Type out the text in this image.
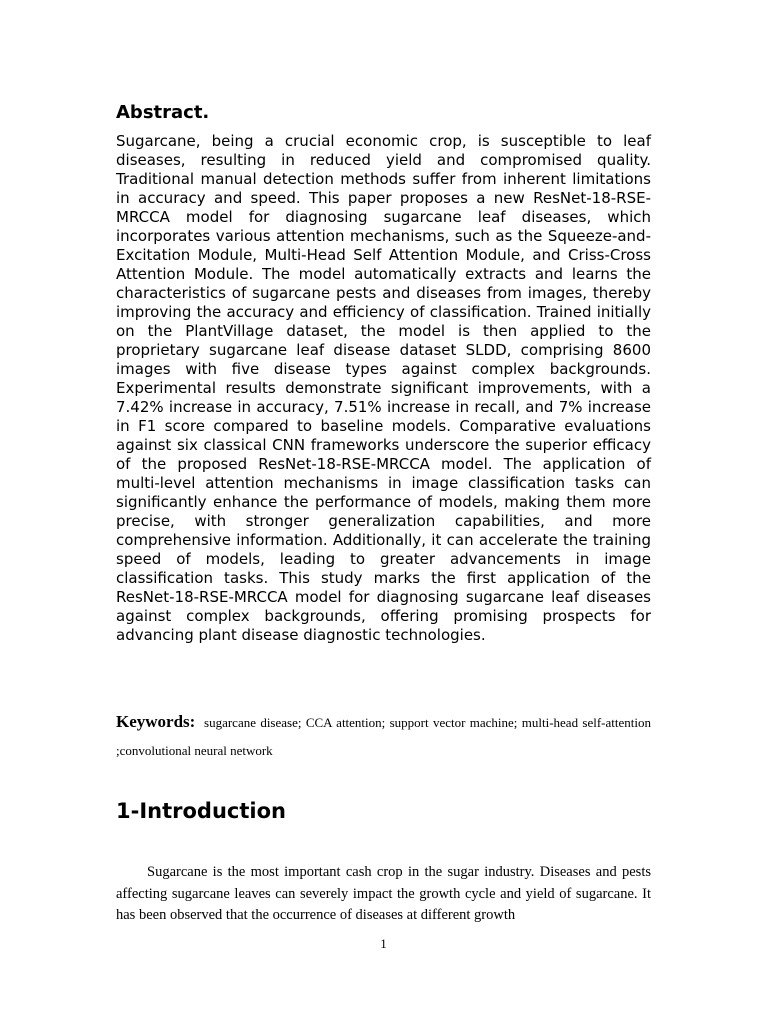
Abstract.

Sugarcane, being a crucial economic crop, is susceptible to leaf diseases, resulting in reduced yield and compromised quality. Traditional manual detection methods suffer from inherent limitations in accuracy and speed. This paper proposes a new ResNet-18-RSE-MRCCA model for diagnosing sugarcane leaf diseases, which incorporates various attention mechanisms, such as the Squeeze-and-Excitation Module, Multi-Head Self Attention Module, and Criss-Cross Attention Module. The model automatically extracts and learns the characteristics of sugarcane pests and diseases from images, thereby improving the accuracy and efficiency of classification. Trained initially on the PlantVillage dataset, the model is then applied to the proprietary sugarcane leaf disease dataset SLDD, comprising 8600 images with five disease types against complex backgrounds. Experimental results demonstrate significant improvements, with a 7.42% increase in accuracy, 7.51% increase in recall, and 7% increase in F1 score compared to baseline models. Comparative evaluations against six classical CNN frameworks underscore the superior efficacy of the proposed ResNet-18-RSE-MRCCA model. The application of multi-level attention mechanisms in image classification tasks can significantly enhance the performance of models, making them more precise, with stronger generalization capabilities, and more comprehensive information. Additionally, it can accelerate the training speed of models, leading to greater advancements in image classification tasks. This study marks the first application of the ResNet-18-RSE-MRCCA model for diagnosing sugarcane leaf diseases against complex backgrounds, offering promising prospects for advancing plant disease diagnostic technologies.

Keywords: sugarcane disease; CCA attention; support vector machine; multi-head self-attention ;convolutional neural network

1-Introduction

Sugarcane is the most important cash crop in the sugar industry. Diseases and pests affecting sugarcane leaves can severely impact the growth cycle and yield of sugarcane. It has been observed that the occurrence of diseases at different growth

1
